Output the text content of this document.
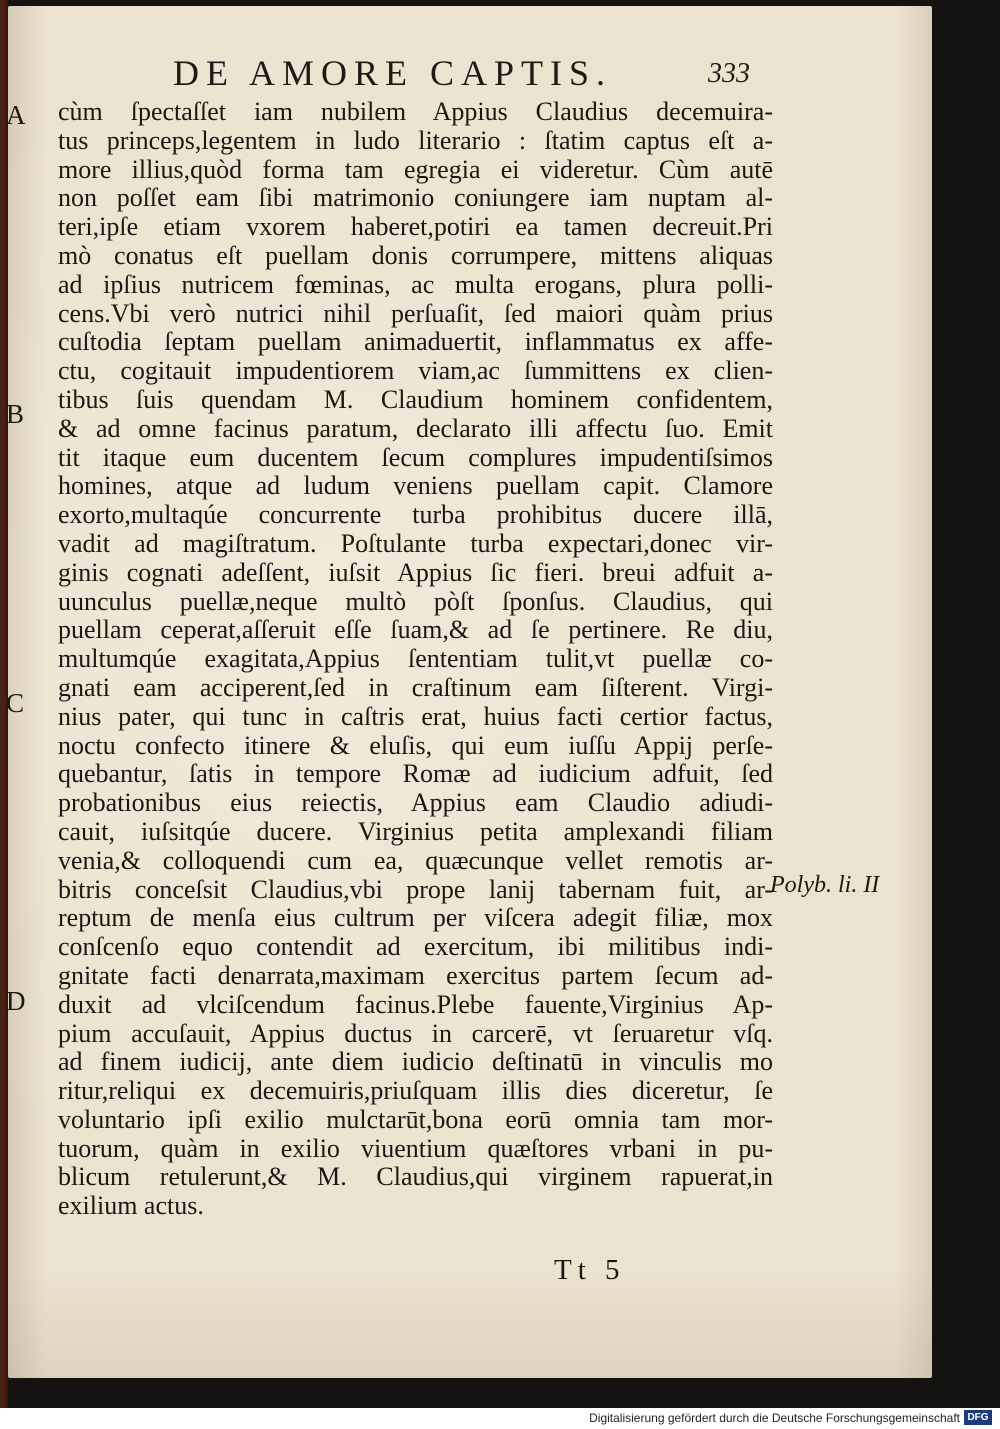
DE AMORE CAPTIS.	333
A
B
C
D
cùm ſpectaſſet iam nubilem Appius Claudius decemuira-
tus princeps,legentem in ludo literario : ſtatim captus eſt a-
more illius,quòd forma tam egregia ei videretur. Cùm autē
non poſſet eam ſibi matrimonio coniungere iam nuptam al-
teri,ipſe etiam vxorem haberet,potiri ea tamen decreuit.Pri
mò conatus eſt puellam donis corrumpere, mittens aliquas
ad ipſius nutricem fœminas, ac multa erogans, plura polli-
cens.Vbi verò nutrici nihil perſuaſit, ſed maiori quàm prius
cuſtodia ſeptam puellam animaduertit, inflammatus ex affe-
ctu, cogitauit impudentiorem viam,ac ſummittens ex clien-
tibus ſuis quendam M. Claudium hominem confidentem,
& ad omne facinus paratum, declarato illi affectu ſuo. Emit
tit itaque eum ducentem ſecum complures impudentiſsimos
homines, atque ad ludum veniens puellam capit. Clamore
exorto,multaqúe concurrente turba prohibitus ducere illā,
vadit ad magiſtratum. Poſtulante turba expectari,donec vir-
ginis cognati adeſſent, iuſsit Appius ſic fieri. breui adfuit a-
uunculus puellæ,neque multò pòſt ſponſus. Claudius, qui
puellam ceperat,aſſeruit eſſe ſuam,& ad ſe pertinere. Re diu,
multumqúe exagitata,Appius ſententiam tulit,vt puellæ co-
gnati eam acciperent,ſed in craſtinum eam ſiſterent. Virgi-
nius pater, qui tunc in caſtris erat, huius facti certior factus,
noctu confecto itinere & eluſis, qui eum iuſſu Appij perſe-
quebantur, ſatis in tempore Romæ ad iudicium adfuit, ſed
probationibus eius reiectis, Appius eam Claudio adiudi-
cauit, iuſsitqúe ducere. Virginius petita amplexandi filiam
venia,& colloquendi cum ea, quæcunque vellet remotis ar-
bitris conceſsit Claudius,vbi prope lanij tabernam fuit, ar-
reptum de menſa eius cultrum per viſcera adegit filiæ, mox
conſcenſo equo contendit ad exercitum, ibi militibus indi-
gnitate facti denarrata,maximam exercitus partem ſecum ad-
duxit ad vlciſcendum facinus.Plebe fauente,Virginius Ap-
pium accuſauit, Appius ductus in carcerē, vt ſeruaretur vſq.
ad finem iudicij, ante diem iudicio deſtinatū in vinculis mo
ritur,reliqui ex decemuiris,priuſquam illis dies diceretur, ſe
voluntario ipſi exilio mulctarūt,bona eorū omnia tam mor-
tuorum, quàm in exilio viuentium quæſtores vrbani in pu-
blicum retulerunt,& M. Claudius,qui virginem rapuerat,in
exilium actus.
Polyb. li. II
Tt 5
Digitalisierung gefördert durch die Deutsche Forschungsgemeinschaft DFG
